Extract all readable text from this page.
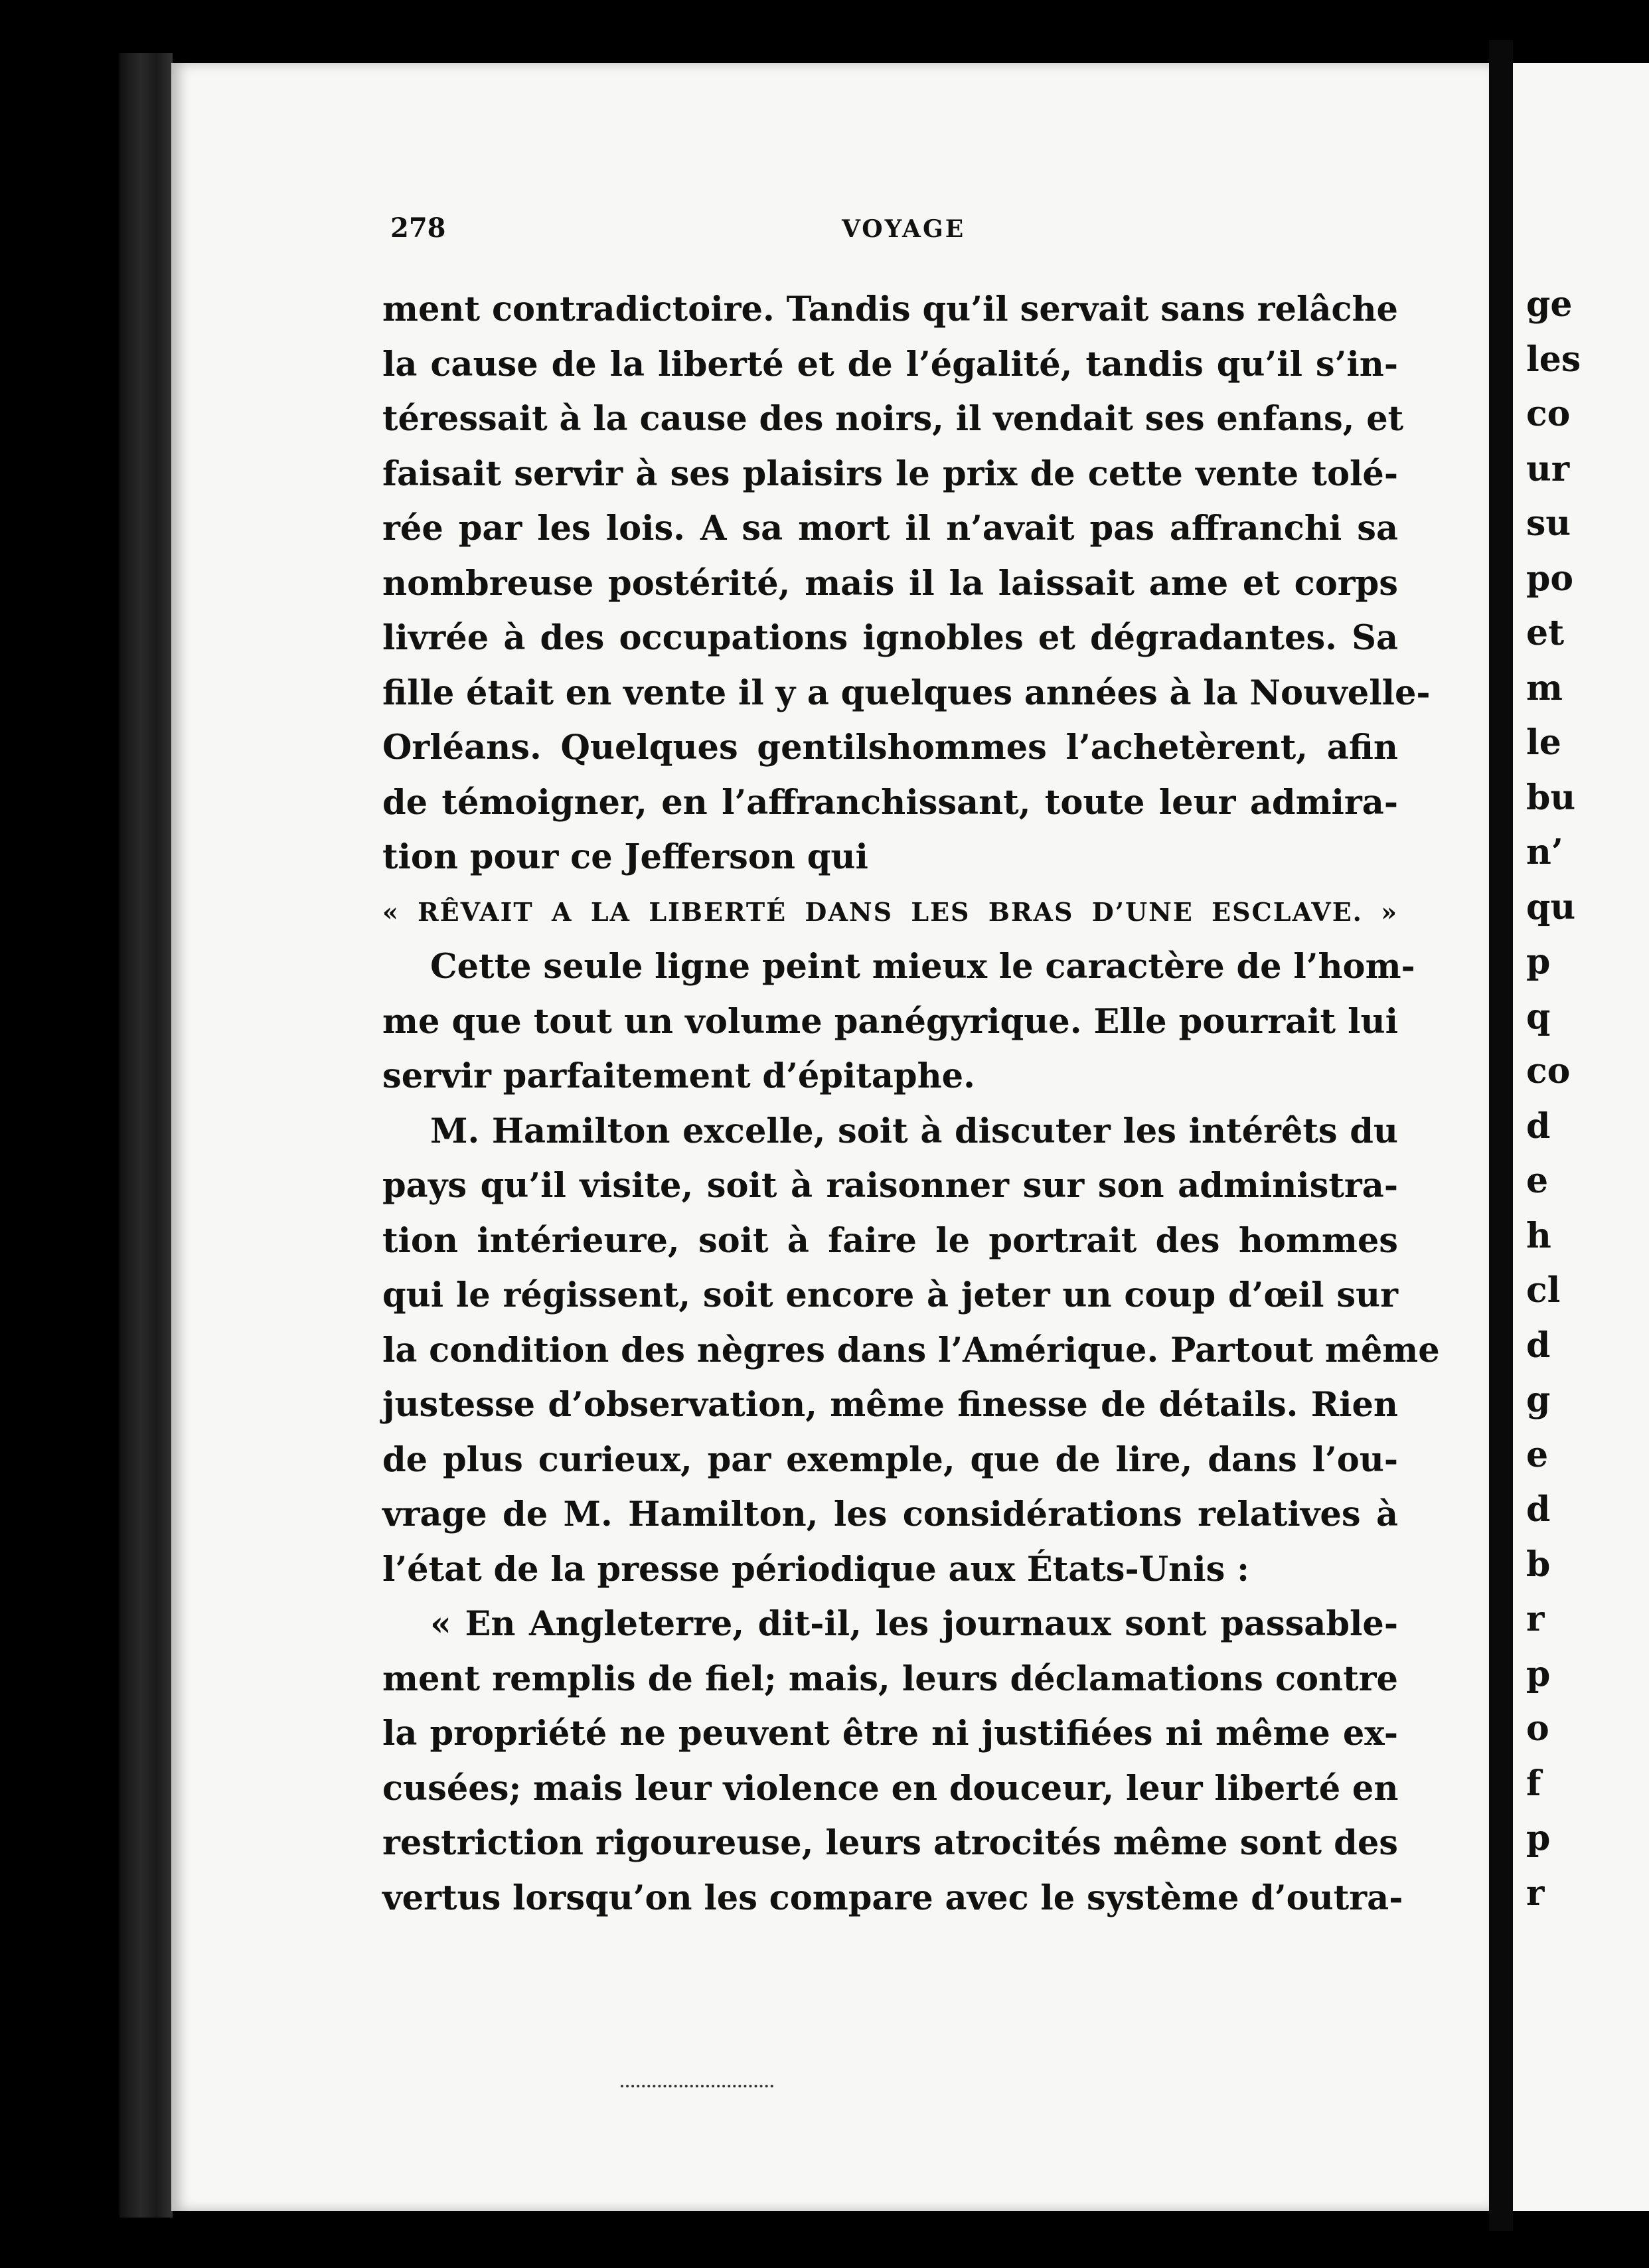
278	VOYAGE
ment contradictoire. Tandis qu’il servait sans relâche
la cause de la liberté et de l’égalité, tandis qu’il s’in-
téressait à la cause des noirs, il vendait ses enfans, et
faisait servir à ses plaisirs le prix de cette vente tolé-
rée par les lois. A sa mort il n’avait pas affranchi sa
nombreuse postérité, mais il la laissait ame et corps
livrée à des occupations ignobles et dégradantes. Sa
fille était en vente il y a quelques années à la Nouvelle-
Orléans. Quelques gentilshommes l’achetèrent, afin
de témoigner, en l’affranchissant, toute leur admira-
tion pour ce Jefferson qui
« RÊVAIT A LA LIBERTÉ DANS LES BRAS D’UNE ESCLAVE. »
Cette seule ligne peint mieux le caractère de l’hom-
me que tout un volume panégyrique. Elle pourrait lui
servir parfaitement d’épitaphe.
M. Hamilton excelle, soit à discuter les intérêts du
pays qu’il visite, soit à raisonner sur son administra-
tion intérieure, soit à faire le portrait des hommes
qui le régissent, soit encore à jeter un coup d’œil sur
la condition des nègres dans l’Amérique. Partout même
justesse d’observation, même finesse de détails. Rien
de plus curieux, par exemple, que de lire, dans l’ou-
vrage de M. Hamilton, les considérations relatives à
l’état de la presse périodique aux États-Unis :
« En Angleterre, dit-il, les journaux sont passable-
ment remplis de fiel; mais, leurs déclamations contre
la propriété ne peuvent être ni justifiées ni même ex-
cusées; mais leur violence en douceur, leur liberté en
restriction rigoureuse, leurs atrocités même sont des
vertus lorsqu’on les compare avec le système d’outra-
ge
les
co
ur
su
po
et
m
le
bu
n’
qu
p
q
co
d
e
h
cl
d
g
e
d
b
r
p
o
f
p
r
